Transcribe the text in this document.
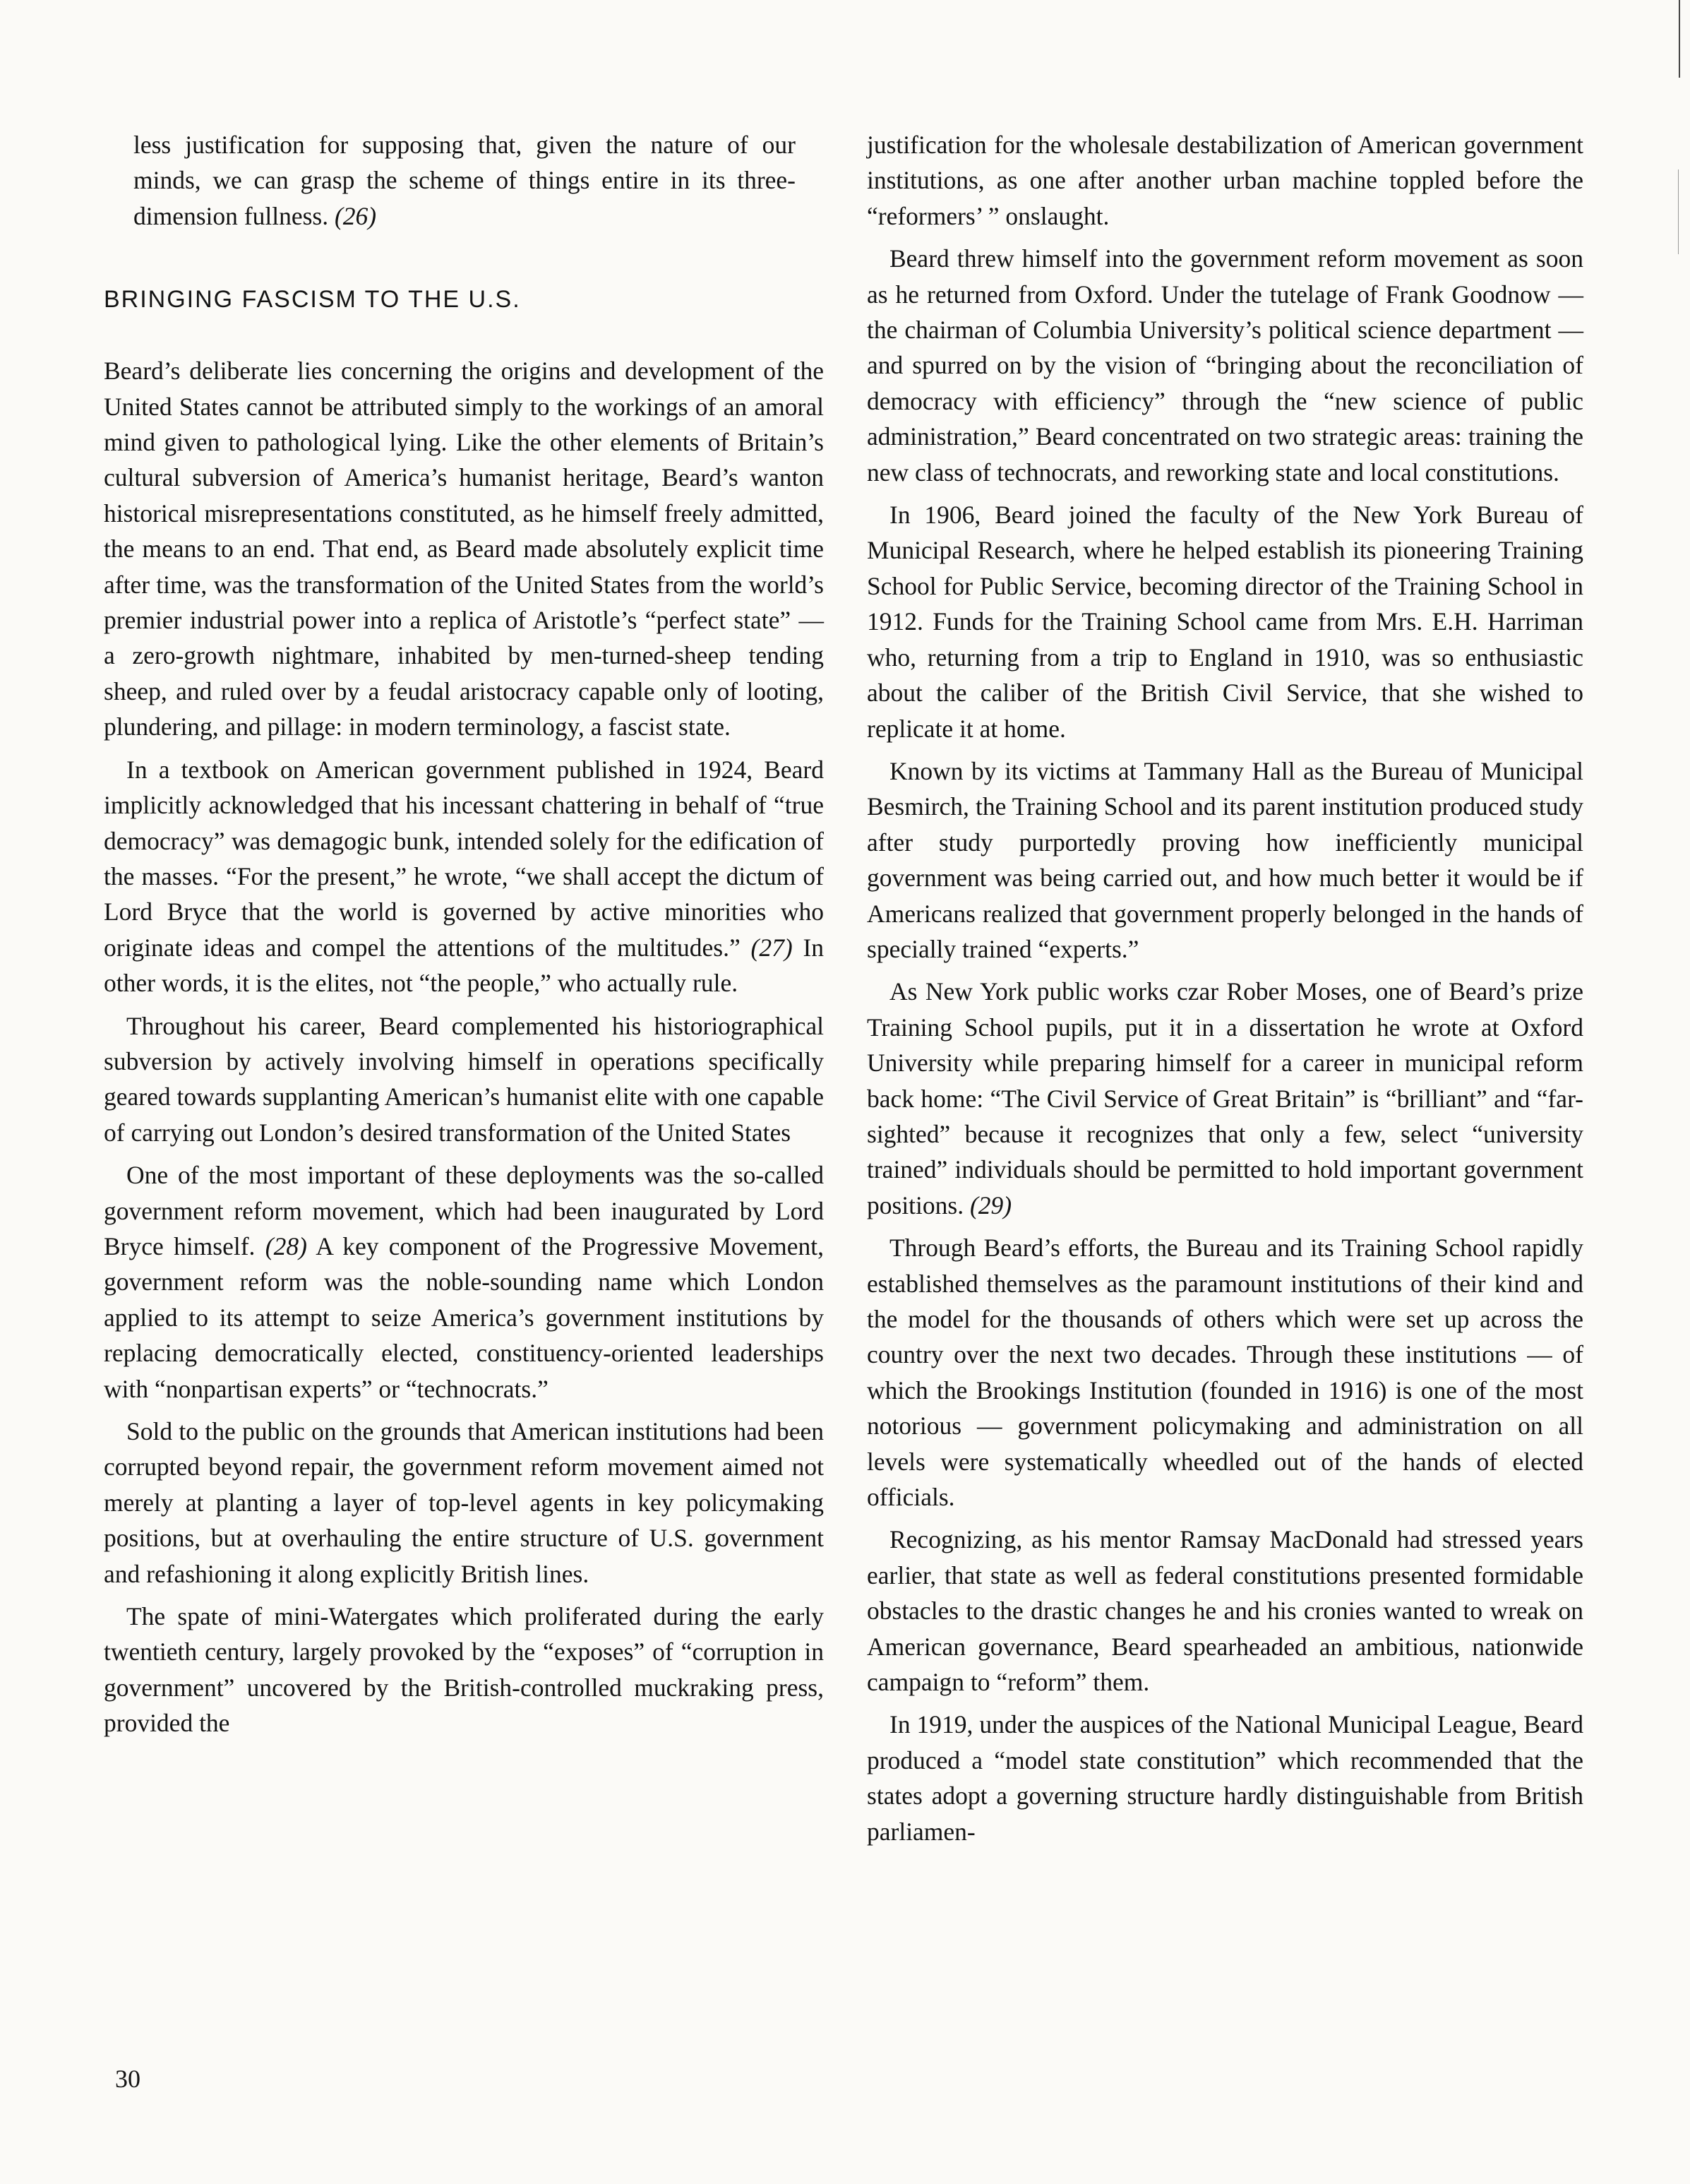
less justification for supposing that, given the nature of our minds, we can grasp the scheme of things entire in its three-dimension fullness. (26)

BRINGING FASCISM TO THE U.S.

Beard’s deliberate lies concerning the origins and development of the United States cannot be attributed simply to the workings of an amoral mind given to pathological lying. Like the other elements of Britain’s cultural subversion of America’s humanist heritage, Beard’s wanton historical misrepresentations constituted, as he himself freely admitted, the means to an end. That end, as Beard made absolutely explicit time after time, was the transformation of the United States from the world’s premier industrial power into a replica of Aristotle’s “perfect state” — a zero-growth nightmare, inhabited by men-turned-sheep tending sheep, and ruled over by a feudal aristocracy capable only of looting, plundering, and pillage: in modern terminology, a fascist state.

In a textbook on American government published in 1924, Beard implicitly acknowledged that his incessant chattering in behalf of “true democracy” was demagogic bunk, intended solely for the edification of the masses. “For the present,” he wrote, “we shall accept the dictum of Lord Bryce that the world is governed by active minorities who originate ideas and compel the attentions of the multitudes.” (27) In other words, it is the elites, not “the people,” who actually rule.

Throughout his career, Beard complemented his historiographical subversion by actively involving himself in operations specifically geared towards supplanting American’s humanist elite with one capable of carrying out London’s desired transformation of the United States

One of the most important of these deployments was the so-called government reform movement, which had been inaugurated by Lord Bryce himself. (28) A key component of the Progressive Movement, government reform was the noble-sounding name which London applied to its attempt to seize America’s government institutions by replacing democratically elected, constituency-oriented leaderships with “nonpartisan experts” or “technocrats.”

Sold to the public on the grounds that American institutions had been corrupted beyond repair, the government reform movement aimed not merely at planting a layer of top-level agents in key policymaking positions, but at overhauling the entire structure of U.S. government and refashioning it along explicitly British lines.

The spate of mini-Watergates which proliferated during the early twentieth century, largely provoked by the “exposes” of “corruption in government” uncovered by the British-controlled muckraking press, provided the

justification for the wholesale destabilization of American government institutions, as one after another urban machine toppled before the “reformers’ ” onslaught.

Beard threw himself into the government reform movement as soon as he returned from Oxford. Under the tutelage of Frank Goodnow — the chairman of Columbia University’s political science department — and spurred on by the vision of “bringing about the reconciliation of democracy with efficiency” through the “new science of public administration,” Beard concentrated on two strategic areas: training the new class of technocrats, and reworking state and local constitutions.

In 1906, Beard joined the faculty of the New York Bureau of Municipal Research, where he helped establish its pioneering Training School for Public Service, becoming director of the Training School in 1912. Funds for the Training School came from Mrs. E.H. Harriman who, returning from a trip to England in 1910, was so enthusiastic about the caliber of the British Civil Service, that she wished to replicate it at home.

Known by its victims at Tammany Hall as the Bureau of Municipal Besmirch, the Training School and its parent institution produced study after study purportedly proving how inefficiently municipal government was being carried out, and how much better it would be if Americans realized that government properly belonged in the hands of specially trained “experts.”

As New York public works czar Rober Moses, one of Beard’s prize Training School pupils, put it in a dissertation he wrote at Oxford University while preparing himself for a career in municipal reform back home: “The Civil Service of Great Britain” is “brilliant” and “far-sighted” because it recognizes that only a few, select “university trained” individuals should be permitted to hold important government positions. (29)

Through Beard’s efforts, the Bureau and its Training School rapidly established themselves as the paramount institutions of their kind and the model for the thousands of others which were set up across the country over the next two decades. Through these institutions — of which the Brookings Institution (founded in 1916) is one of the most notorious — government policymaking and administration on all levels were systematically wheedled out of the hands of elected officials.

Recognizing, as his mentor Ramsay MacDonald had stressed years earlier, that state as well as federal constitutions presented formidable obstacles to the drastic changes he and his cronies wanted to wreak on American governance, Beard spearheaded an ambitious, nationwide campaign to “reform” them.

In 1919, under the auspices of the National Municipal League, Beard produced a “model state constitution” which recommended that the states adopt a governing structure hardly distinguishable from British parliamen-

30
